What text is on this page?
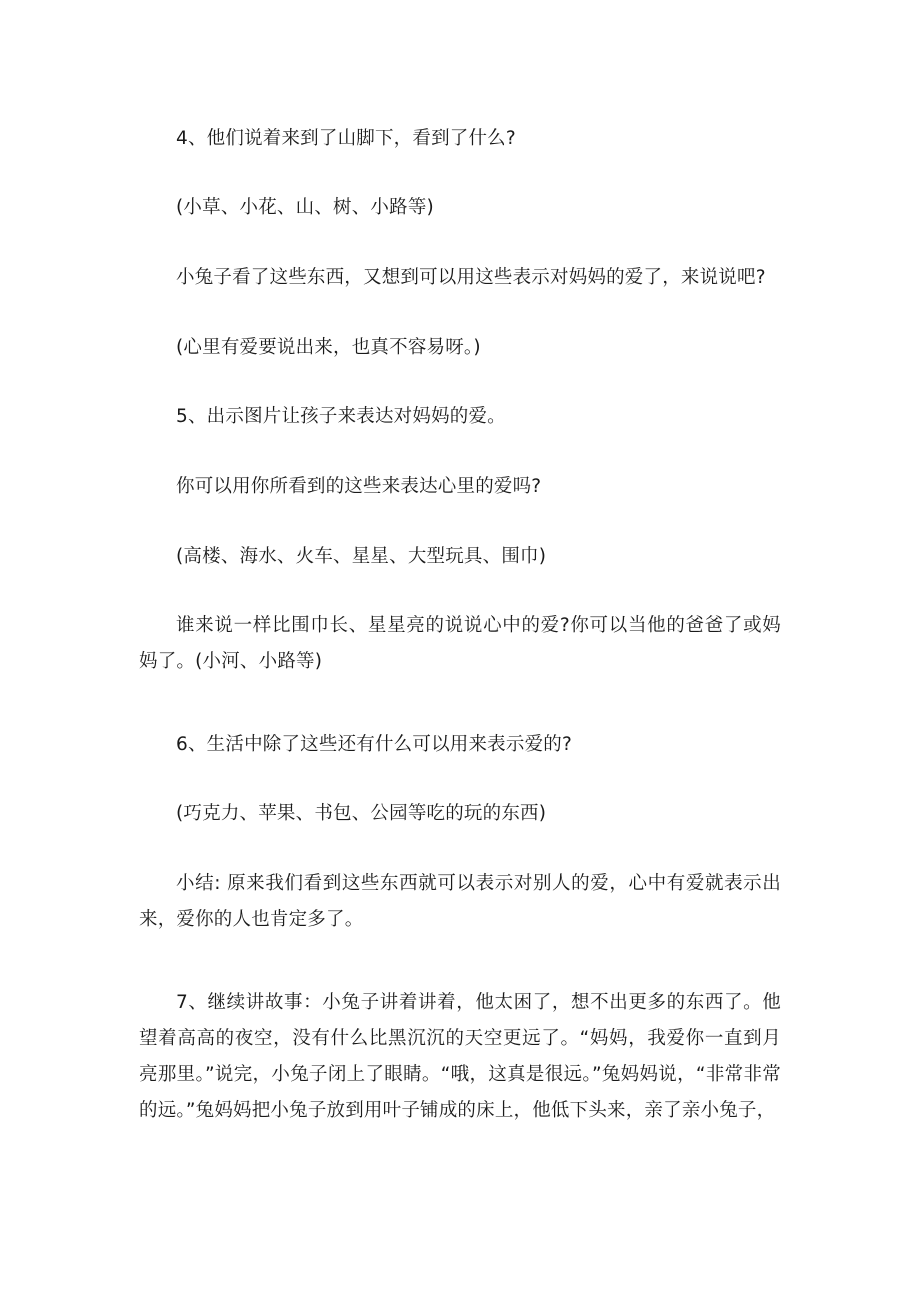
4、他们说着来到了山脚下，看到了什么?

(小草、小花、山、树、小路等)

小兔子看了这些东西，又想到可以用这些表示对妈妈的爱了，来说说吧?

(心里有爱要说出来，也真不容易呀。)

5、出示图片让孩子来表达对妈妈的爱。

你可以用你所看到的这些来表达心里的爱吗?

(高楼、海水、火车、星星、大型玩具、围巾)

谁来说一样比围巾长、星星亮的说说心中的爱?你可以当他的爸爸了或妈妈了。(小河、小路等)

6、生活中除了这些还有什么可以用来表示爱的?

(巧克力、苹果、书包、公园等吃的玩的东西)

小结: 原来我们看到这些东西就可以表示对别人的爱，心中有爱就表示出来，爱你的人也肯定多了。

7、继续讲故事：小兔子讲着讲着，他太困了，想不出更多的东西了。他望着高高的夜空，没有什么比黑沉沉的天空更远了。“妈妈，我爱你一直到月亮那里。”说完，小兔子闭上了眼睛。“哦，这真是很远。”兔妈妈说，“非常非常的远。”兔妈妈把小兔子放到用叶子铺成的床上，他低下头来，亲了亲小兔子，
